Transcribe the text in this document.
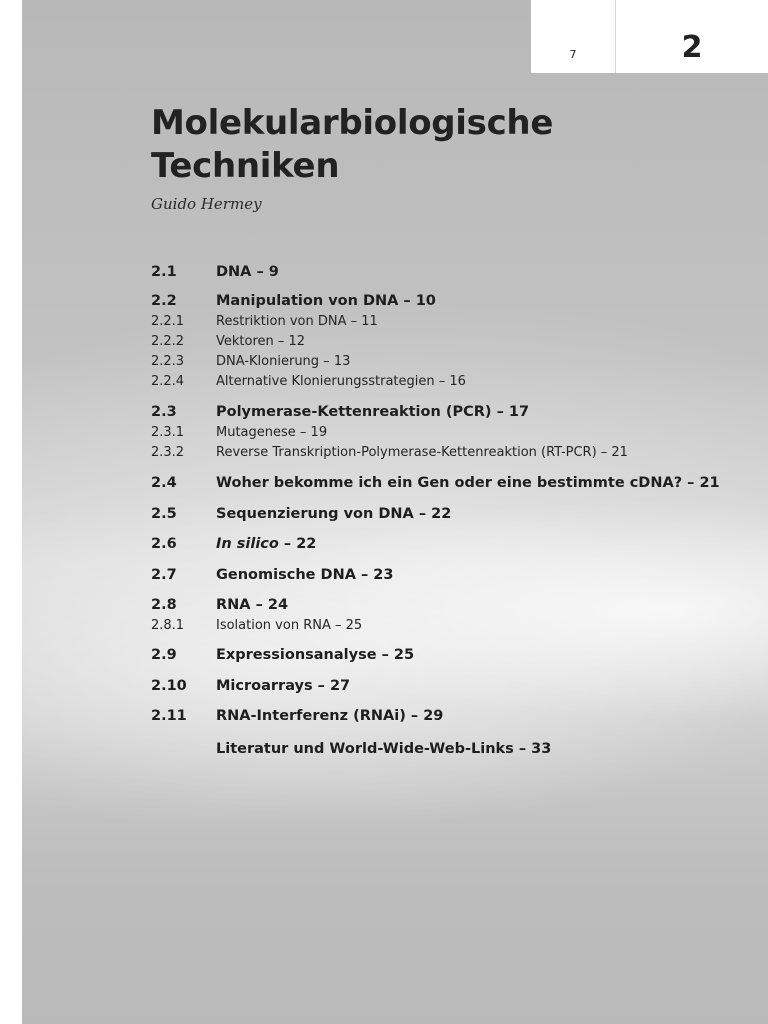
7	2
Molekularbiologische
Techniken

Guido Hermey

2.1	DNA – 9
2.2	Manipulation von DNA – 10
2.2.1 Restriktion von DNA – 11
2.2.2 Vektoren – 12
2.2.3 DNA-Klonierung – 13
2.2.4 Alternative Klonierungsstrategien – 16
2.3	Polymerase-Kettenreaktion (PCR) – 17
2.3.1 Mutagenese – 19
2.3.2 Reverse Transkription-Polymerase-Kettenreaktion (RT-PCR) – 21
2.4	Woher bekomme ich ein Gen oder eine bestimmte cDNA? – 21
2.5	Sequenzierung von DNA – 22
2.6	In silico – 22
2.7	Genomische DNA – 23
2.8	RNA – 24
2.8.1 Isolation von RNA – 25
2.9	Expressionsanalyse – 25
2.10 Microarrays – 27
2.11 RNA-Interferenz (RNAi) – 29
Literatur und World-Wide-Web-Links – 33
